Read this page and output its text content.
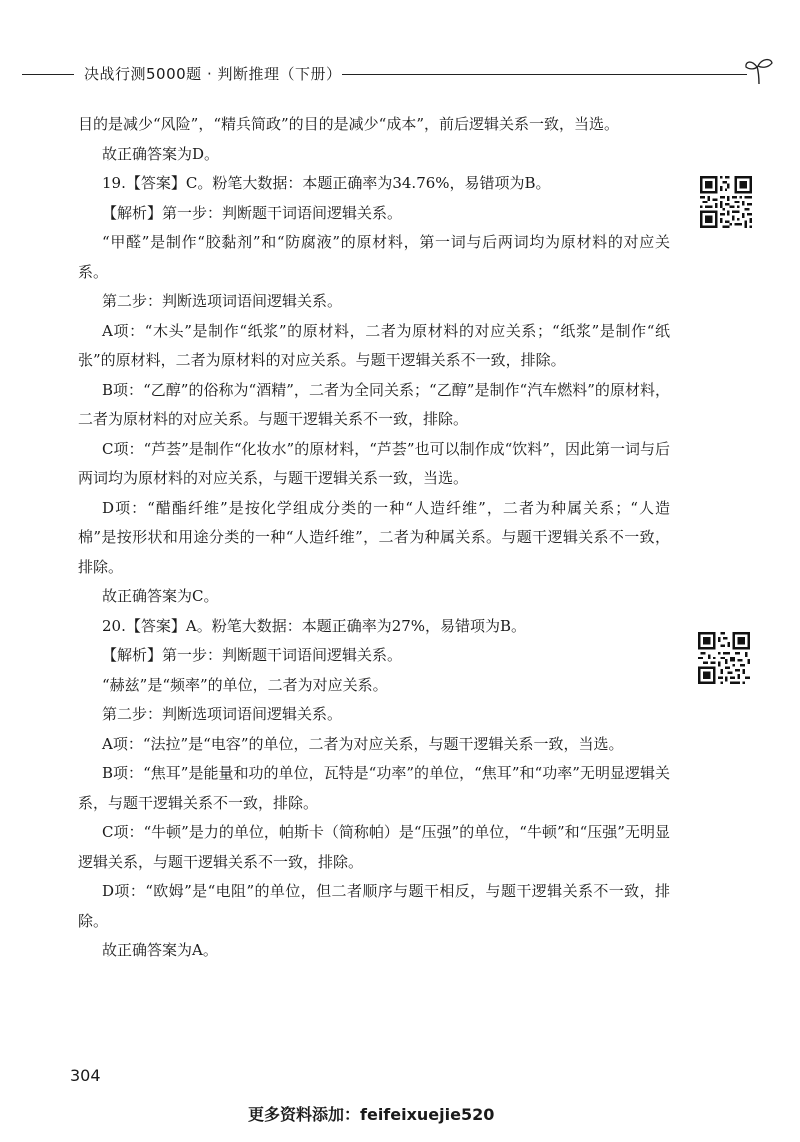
决战行测5000题 · 判断推理（下册）

目的是减少“风险”，“精兵简政”的目的是减少“成本”，前后逻辑关系一致，当选。

故正确答案为D。

19.【答案】C。粉笔大数据：本题正确率为34.76%，易错项为B。

【解析】第一步：判断题干词语间逻辑关系。

“甲醛”是制作“胶黏剂”和“防腐液”的原材料，第一词与后两词均为原材料的对应关系。

第二步：判断选项词语间逻辑关系。

A项：“木头”是制作“纸浆”的原材料，二者为原材料的对应关系；“纸浆”是制作“纸张”的原材料，二者为原材料的对应关系。与题干逻辑关系不一致，排除。

B项：“乙醇”的俗称为“酒精”，二者为全同关系；“乙醇”是制作“汽车燃料”的原材料，二者为原材料的对应关系。与题干逻辑关系不一致，排除。

C项：“芦荟”是制作“化妆水”的原材料，“芦荟”也可以制作成“饮料”，因此第一词与后两词均为原材料的对应关系，与题干逻辑关系一致，当选。

D项：“醋酯纤维”是按化学组成分类的一种“人造纤维”，二者为种属关系；“人造棉”是按形状和用途分类的一种“人造纤维”，二者为种属关系。与题干逻辑关系不一致，排除。

故正确答案为C。

20.【答案】A。粉笔大数据：本题正确率为27%，易错项为B。

【解析】第一步：判断题干词语间逻辑关系。

“赫兹”是“频率”的单位，二者为对应关系。

第二步：判断选项词语间逻辑关系。

A项：“法拉”是“电容”的单位，二者为对应关系，与题干逻辑关系一致，当选。

B项：“焦耳”是能量和功的单位，瓦特是“功率”的单位，“焦耳”和“功率”无明显逻辑关系，与题干逻辑关系不一致，排除。

C项：“牛顿”是力的单位，帕斯卡（简称帕）是“压强”的单位，“牛顿”和“压强”无明显逻辑关系，与题干逻辑关系不一致，排除。

D项：“欧姆”是“电阻”的单位，但二者顺序与题干相反，与题干逻辑关系不一致，排除。

故正确答案为A。

304
更多资料添加：feifeixuejie520
